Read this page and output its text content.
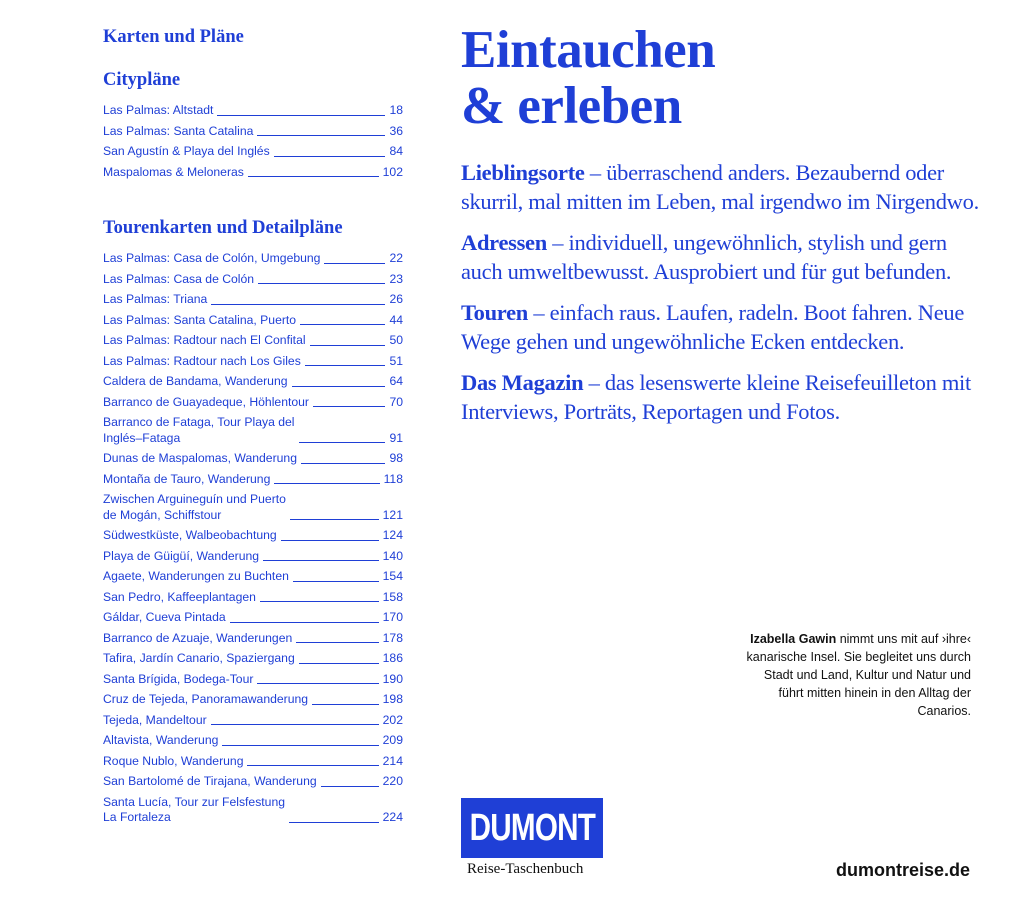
Karten und Pläne
Citypläne
Las Palmas: Altstadt	18
Las Palmas: Santa Catalina	36
San Agustín & Playa del Inglés	84
Maspalomas & Meloneras	102
Tourenkarten und Detailpläne
Las Palmas: Casa de Colón, Umgebung	22
Las Palmas: Casa de Colón	23
Las Palmas: Triana	26
Las Palmas: Santa Catalina, Puerto	44
Las Palmas: Radtour nach El Confital	50
Las Palmas: Radtour nach Los Giles	51
Caldera de Bandama, Wanderung	64
Barranco de Guayadeque, Höhlentour	70
Barranco de Fataga, Tour Playa del
Inglés–Fataga	91
Dunas de Maspalomas, Wanderung	98
Montaña de Tauro, Wanderung	118
Zwischen Arguineguín und Puerto
de Mogán, Schiffstour	121
Südwestküste, Walbeobachtung	124
Playa de Güigüí, Wanderung	140
Agaete, Wanderungen zu Buchten	154
San Pedro, Kaffeeplantagen	158
Gáldar, Cueva Pintada	170
Barranco de Azuaje, Wanderungen	178
Tafira, Jardín Canario, Spaziergang	186
Santa Brígida, Bodega-Tour	190
Cruz de Tejeda, Panoramawanderung	198
Tejeda, Mandeltour	202
Altavista, Wanderung	209
Roque Nublo, Wanderung	214
San Bartolomé de Tirajana, Wanderung	220
Santa Lucía, Tour zur Felsfestung
La Fortaleza	224
Eintauchen
& erleben

Lieblingsorte – überraschend anders. Bezaubernd oder skurril, mal mitten im Leben, mal irgendwo im Nirgendwo.

Adressen – individuell, ungewöhnlich, stylish und gern auch umweltbewusst. Ausprobiert und für gut befunden.

Touren – einfach raus. Laufen, radeln. Boot fahren. Neue Wege gehen und ungewöhnliche Ecken entdecken.

Das Magazin – das lesenswerte kleine Reisefeuilleton mit Interviews, Porträts, Reportagen und Fotos.

Izabella Gawin nimmt uns mit auf ›ihre‹ kanarische Insel. Sie begleitet uns durch Stadt und Land, Kultur und Natur und führt mitten hinein in den Alltag der Canarios.

DUMONT
Reise-Taschenbuch	dumontreise.de
